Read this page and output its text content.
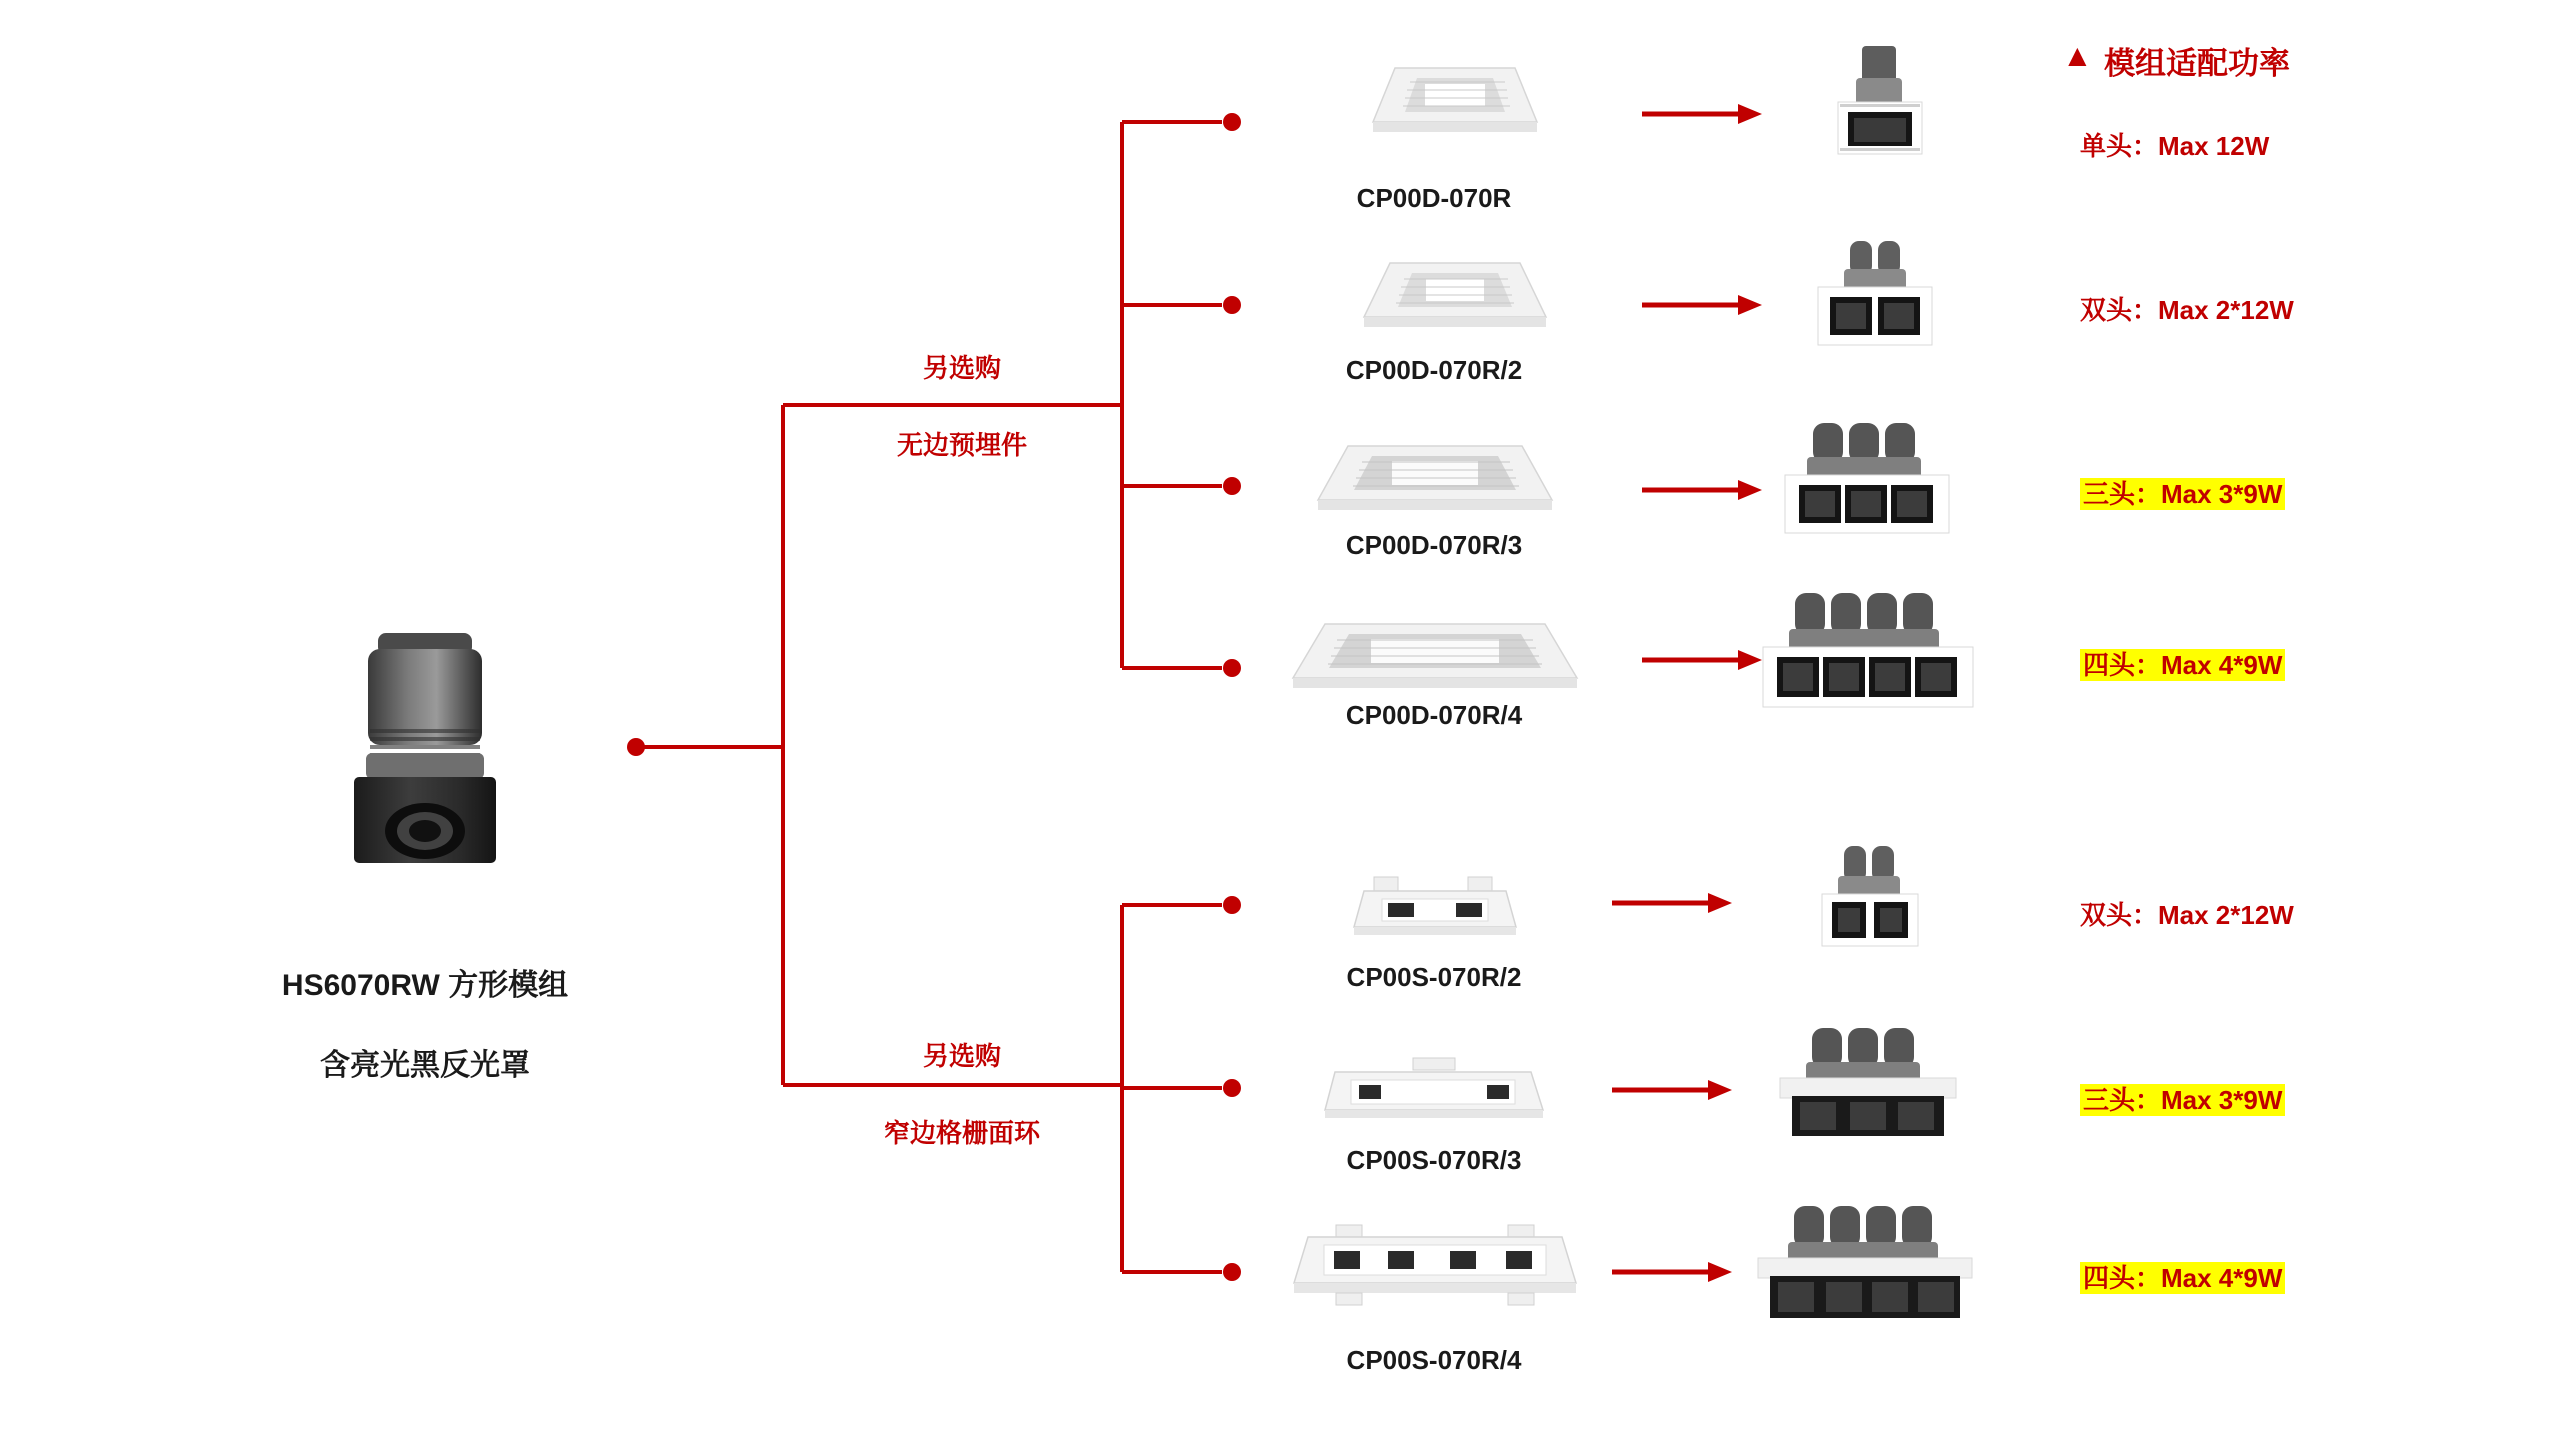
HS6070RW 方形模组
含亮光黑反光罩
另选购
无边预埋件
另选购
窄边格栅面环
CP00D-070R
CP00D-070R/2
CP00D-070R/3
CP00D-070R/4
单头：Max 12W
双头：Max 2*12W
三头：Max 3*9W
四头：Max 4*9W
CP00S-070R/2
CP00S-070R/3
CP00S-070R/4
双头：Max 2*12W
三头：Max 3*9W
四头：Max 4*9W
▲ 模组适配功率
